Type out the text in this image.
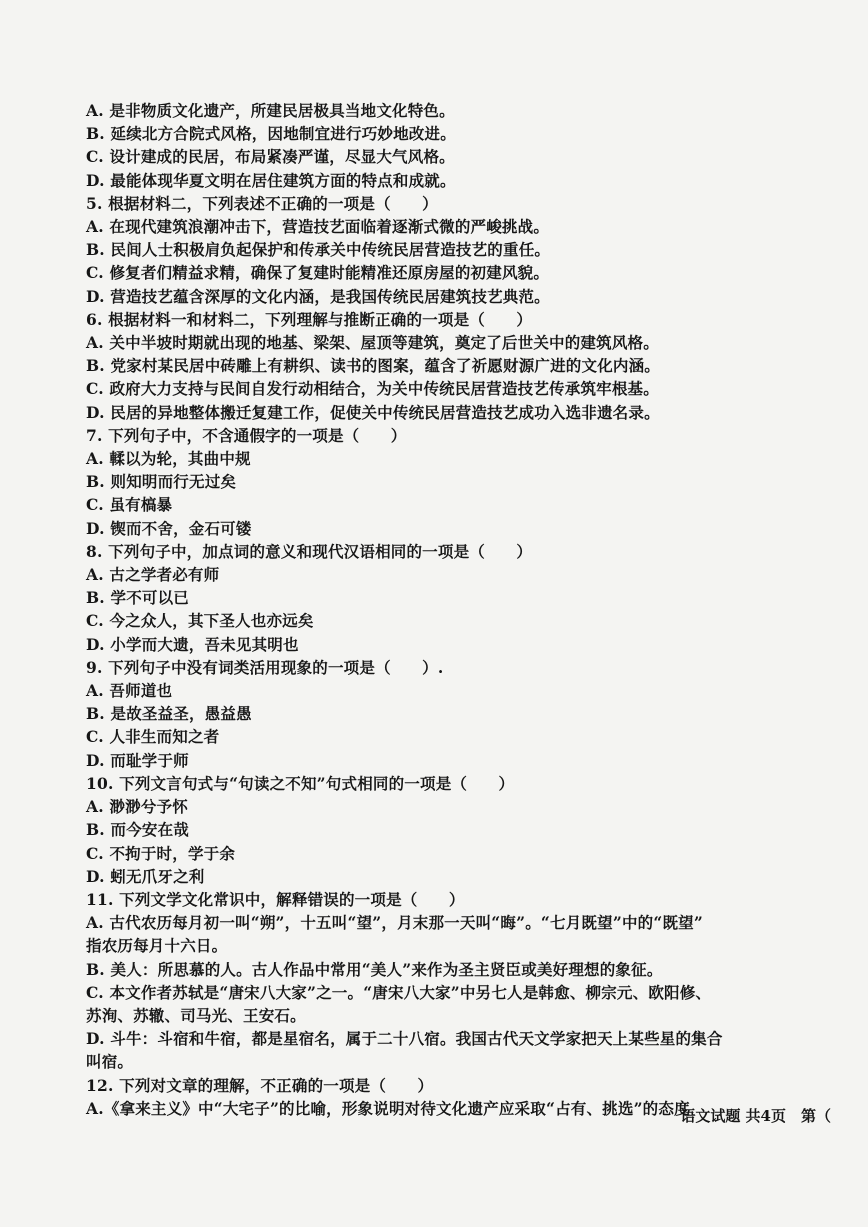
A. 是非物质文化遗产，所建民居极具当地文化特色。
B. 延续北方合院式风格，因地制宜进行巧妙地改进。
C. 设计建成的民居，布局紧凑严谨，尽显大气风格。
D. 最能体现华夏文明在居住建筑方面的特点和成就。
5. 根据材料二，下列表述不正确的一项是（　　）
A. 在现代建筑浪潮冲击下，营造技艺面临着逐渐式微的严峻挑战。
B. 民间人士积极肩负起保护和传承关中传统民居营造技艺的重任。
C. 修复者们精益求精，确保了复建时能精准还原房屋的初建风貌。
D. 营造技艺蕴含深厚的文化内涵，是我国传统民居建筑技艺典范。
6. 根据材料一和材料二，下列理解与推断正确的一项是（　　）
A. 关中半坡时期就出现的地基、梁架、屋顶等建筑，奠定了后世关中的建筑风格。
B. 党家村某民居中砖雕上有耕织、读书的图案，蕴含了祈愿财源广进的文化内涵。
C. 政府大力支持与民间自发行动相结合，为关中传统民居营造技艺传承筑牢根基。
D. 民居的异地整体搬迁复建工作，促使关中传统民居营造技艺成功入选非遗名录。
7. 下列句子中，不含通假字的一项是（　　）
A. 輮以为轮，其曲中规
B. 则知明而行无过矣
C. 虽有槁暴
D. 锲而不舍，金石可镂
8. 下列句子中，加点词的意义和现代汉语相同的一项是（　　）
A. 古之学者必有师
B. 学不可以已
C. 今之众人，其下圣人也亦远矣
D. 小学而大遗，吾未见其明也
9. 下列句子中没有词类活用现象的一项是（　　）.
A. 吾师道也
B. 是故圣益圣，愚益愚
C. 人非生而知之者
D. 而耻学于师
10. 下列文言句式与“句读之不知”句式相同的一项是（　　）
A. 渺渺兮予怀
B. 而今安在哉
C. 不拘于时，学于余
D. 蚓无爪牙之利
11. 下列文学文化常识中，解释错误的一项是（　　）
A. 古代农历每月初一叫“朔”，十五叫“望”，月末那一天叫“晦”。“七月既望”中的“既望”
指农历每月十六日。
B. 美人：所思慕的人。古人作品中常用“美人”来作为圣主贤臣或美好理想的象征。
C. 本文作者苏轼是“唐宋八大家”之一。“唐宋八大家”中另七人是韩愈、柳宗元、欧阳修、
苏洵、苏辙、司马光、王安石。
D. 斗牛：斗宿和牛宿，都是星宿名，属于二十八宿。我国古代天文学家把天上某些星的集合
叫宿。
12. 下列对文章的理解，不正确的一项是（　　）
A.《拿来主义》中“大宅子”的比喻，形象说明对待文化遗产应采取“占有、挑选”的态度
语文试题 共4页　第（　
